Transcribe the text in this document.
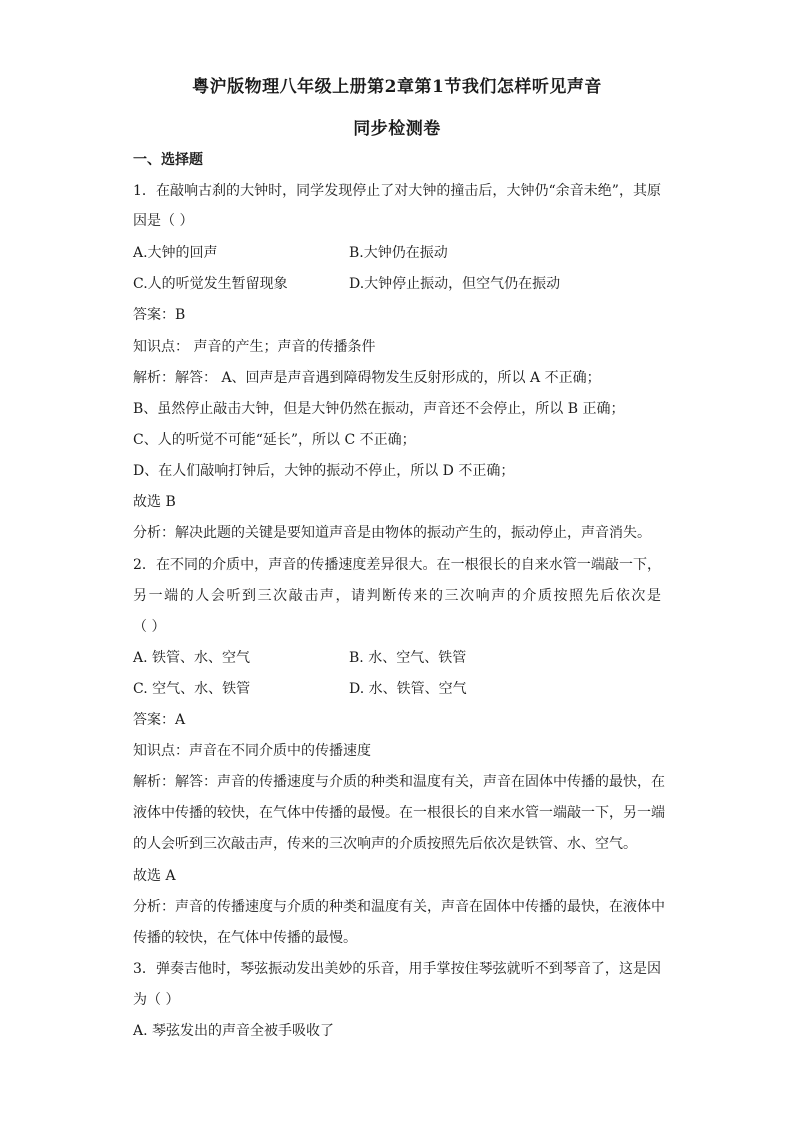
粤沪版物理八年级上册第2章第1节我们怎样听见声音
同步检测卷
一、选择题
1．在敲响古刹的大钟时，同学发现停止了对大钟的撞击后，大钟仍“余音未绝”，其原
因是（ ）
A.大钟的回声	B.大钟仍在振动
C.人的听觉发生暂留现象	D.大钟停止振动，但空气仍在振动
答案：B
知识点： 声音的产生；声音的传播条件
解析：解答： A、回声是声音遇到障碍物发生反射形成的，所以 A 不正确；
B、虽然停止敲击大钟，但是大钟仍然在振动，声音还不会停止，所以 B 正确；
C、人的听觉不可能“延长”，所以 C 不正确；
D、在人们敲响打钟后，大钟的振动不停止，所以 D 不正确；
故选 B
分析：解决此题的关键是要知道声音是由物体的振动产生的，振动停止，声音消失。
2．在不同的介质中，声音的传播速度差异很大。在一根很长的自来水管一端敲一下，
另一端的人会听到三次敲击声，请判断传来的三次响声的介质按照先后依次是
（ ）
A. 铁管、水、空气	B. 水、空气、铁管
C. 空气、水、铁管	D. 水、铁管、空气
答案：A
知识点：声音在不同介质中的传播速度
解析：解答：声音的传播速度与介质的种类和温度有关，声音在固体中传播的最快，在
液体中传播的较快，在气体中传播的最慢。在一根很长的自来水管一端敲一下，另一端
的人会听到三次敲击声，传来的三次响声的介质按照先后依次是铁管、水、空气。
故选 A
分析：声音的传播速度与介质的种类和温度有关，声音在固体中传播的最快，在液体中
传播的较快，在气体中传播的最慢。
3．弹奏吉他时，琴弦振动发出美妙的乐音，用手掌按住琴弦就听不到琴音了，这是因
为（ ）
A. 琴弦发出的声音全被手吸收了
